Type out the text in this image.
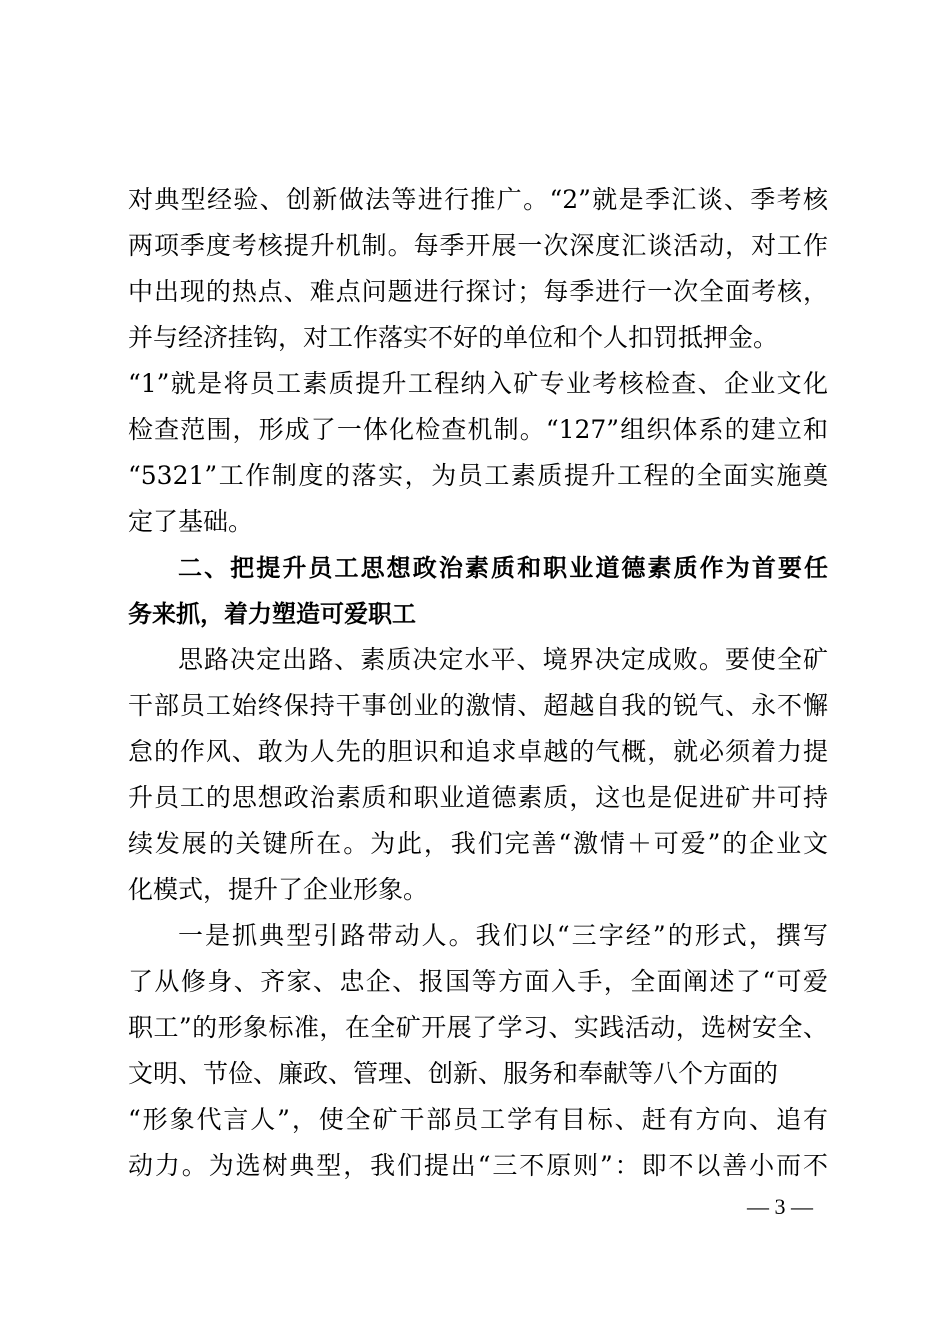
对典型经验、创新做法等进行推广。“2”就是季汇谈、季考核
两项季度考核提升机制。每季开展一次深度汇谈活动，对工作
中出现的热点、难点问题进行探讨；每季进行一次全面考核，
并与经济挂钩，对工作落实不好的单位和个人扣罚抵押金。
“1”就是将员工素质提升工程纳入矿专业考核检查、企业文化
检查范围，形成了一体化检查机制。“127”组织体系的建立和
“5321”工作制度的落实，为员工素质提升工程的全面实施奠
定了基础。
二、把提升员工思想政治素质和职业道德素质作为首要任
务来抓，着力塑造可爱职工
思路决定出路、素质决定水平、境界决定成败。要使全矿
干部员工始终保持干事创业的激情、超越自我的锐气、永不懈
怠的作风、敢为人先的胆识和追求卓越的气概，就必须着力提
升员工的思想政治素质和职业道德素质，这也是促进矿井可持
续发展的关键所在。为此，我们完善“激情＋可爱”的企业文
化模式，提升了企业形象。
一是抓典型引路带动人。我们以“三字经”的形式，撰写
了从修身、齐家、忠企、报国等方面入手，全面阐述了“可爱
职工”的形象标准，在全矿开展了学习、实践活动，选树安全、
文明、节俭、廉政、管理、创新、服务和奉献等八个方面的
“形象代言人”，使全矿干部员工学有目标、赶有方向、追有
动力。为选树典型，我们提出“三不原则”：即不以善小而不
— 3 —
